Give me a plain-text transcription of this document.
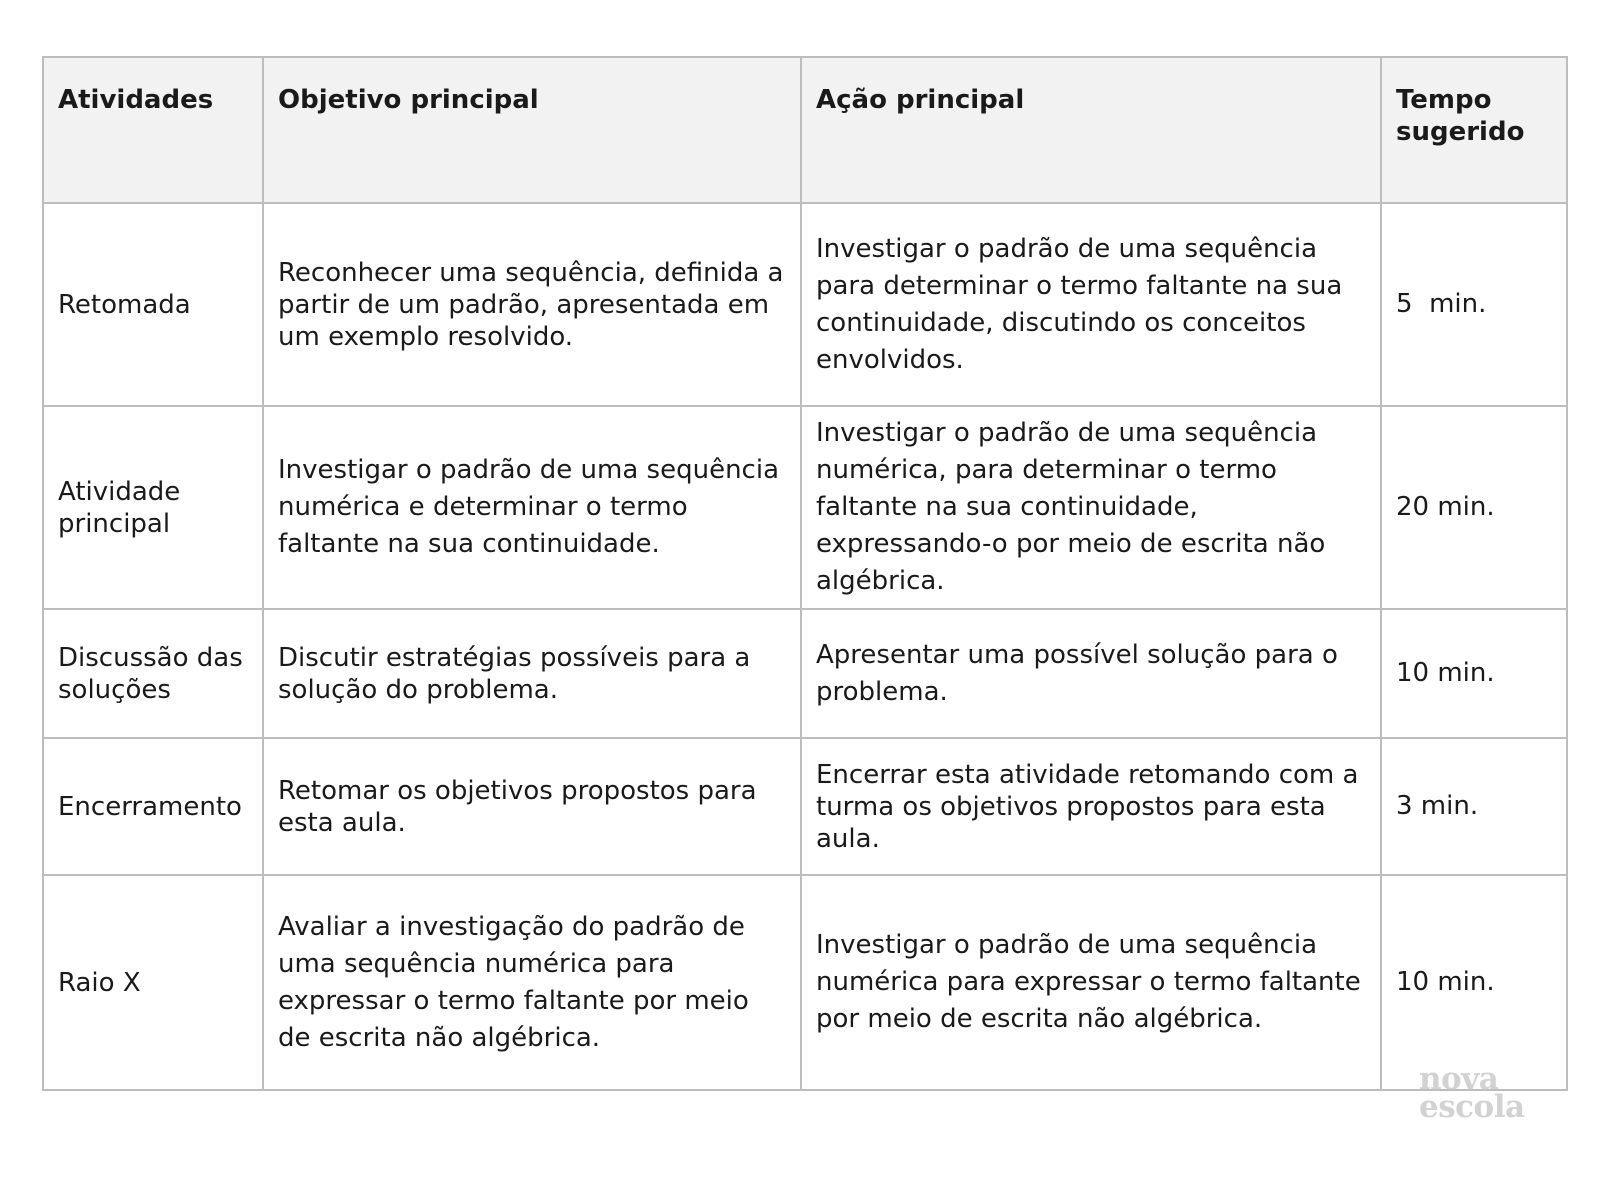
Atividades	Objetivo principal	Ação principal	Tempo
sugerido

Retomada	Reconhecer uma sequência, definida a partir de um padrão, apresentada em um exemplo resolvido.	Investigar o padrão de uma sequência para determinar o termo faltante na sua continuidade, discutindo os conceitos envolvidos.	5  min.

Atividade principal	Investigar o padrão de uma sequência numérica e determinar o termo faltante na sua continuidade.	Investigar o padrão de uma sequência numérica, para determinar o termo faltante na sua continuidade, expressando-o por meio de escrita não algébrica.	20 min.

Discussão das soluções	Discutir estratégias possíveis para a solução do problema.	Apresentar uma possível solução para o problema.	10 min.

Encerramento	Retomar os objetivos propostos para esta aula.	Encerrar esta atividade retomando com a turma os objetivos propostos para esta aula.	3 min.

Raio X	Avaliar a investigação do padrão de uma sequência numérica para expressar o termo faltante por meio de escrita não algébrica.	Investigar o padrão de uma sequência numérica para expressar o termo faltante por meio de escrita não algébrica.	10 min.
nova
escola
